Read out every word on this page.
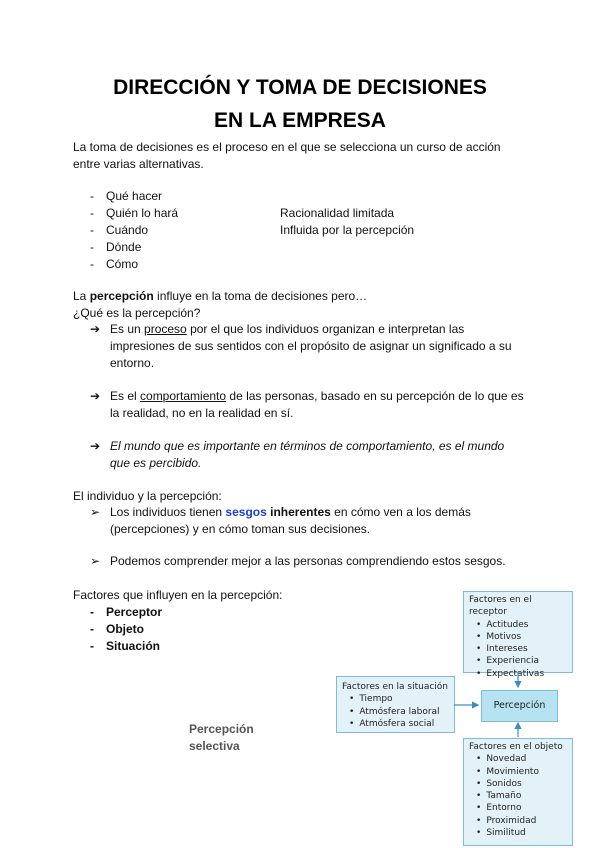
DIRECCIÓN Y TOMA DE DECISIONES
EN LA EMPRESA
La toma de decisiones es el proceso en el que se selecciona un curso de acción
entre varias alternativas.
- Qué hacer
- Quién lo hará
- Cuándo
- Dónde
- Cómo
Racionalidad limitada
Influida por la percepción
La percepción influye en la toma de decisiones pero…
¿Qué es la percepción?
➔ Es un proceso por el que los individuos organizan e interpretan las
impresiones de sus sentidos con el propósito de asignar un significado a su
entorno.
➔ Es el comportamiento de las personas, basado en su percepción de lo que es
la realidad, no en la realidad en sí.
➔ El mundo que es importante en términos de comportamiento, es el mundo
que es percibido.
El individuo y la percepción:
➢ Los individuos tienen sesgos inherentes en cómo ven a los demás
(percepciones) y en cómo toman sus decisiones.
➢ Podemos comprender mejor a las personas comprendiendo estos sesgos.
Factores que influyen en la percepción:
- Perceptor
- Objeto
- Situación
Percepción
selectiva
Factores en el receptor
• Actitudes
• Motivos
• Intereses
• Experiencia
• Expectativas
Factores en la situación
• Tiempo
• Atmósfera laboral
• Atmósfera social
Percepción
Factores en el objeto
• Novedad
• Movimiento
• Sonidos
• Tamaño
• Entorno
• Proximidad
• Similitud
